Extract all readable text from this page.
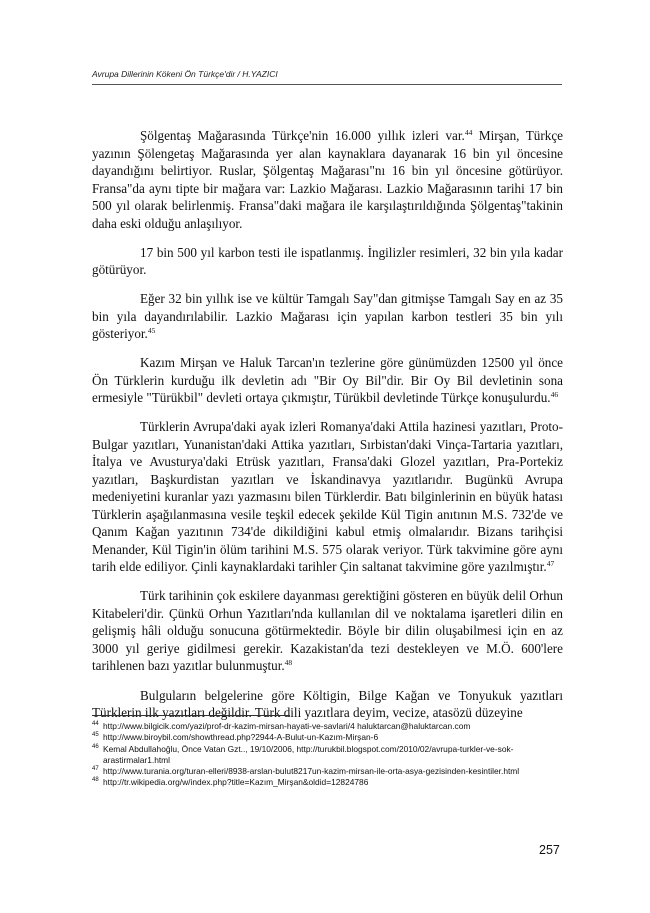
Avrupa Dillerinin Kökeni Ön Türkçe'dir / H.YAZICI

Şölgentaş Mağarasında Türkçe'nin 16.000 yıllık izleri var.$^{44}$ Mirşan, Türkçe yazının Şölengetaş Mağarasında yer alan kaynaklara dayanarak 16 bin yıl öncesine dayandığını belirtiyor. Ruslar, Şölgentaş Mağarası"nı 16 bin yıl öncesine götürüyor. Fransa"da aynı tipte bir mağara var: Lazkio Mağarası. Lazkio Mağarasının tarihi 17 bin 500 yıl olarak belirlenmiş. Fransa"daki mağara ile karşılaştırıldığında Şölgentaş"takinin daha eski olduğu anlaşılıyor.

17 bin 500 yıl karbon testi ile ispatlanmış. İngilizler resimleri, 32 bin yıla kadar götürüyor.

Eğer 32 bin yıllık ise ve kültür Tamgalı Say"dan gitmişse Tamgalı Say en az 35 bin yıla dayandırılabilir. Lazkio Mağarası için yapılan karbon testleri 35 bin yılı gösteriyor.$^{45}$

Kazım Mirşan ve Haluk Tarcan'ın tezlerine göre günümüzden 12500 yıl önce Ön Türklerin kurduğu ilk devletin adı "Bir Oy Bil"dir. Bir Oy Bil devletinin sona ermesiyle "Türükbil" devleti ortaya çıkmıştır, Türükbil devletinde Türkçe konuşulurdu.$^{46}$

Türklerin Avrupa'daki ayak izleri Romanya'daki Attila hazinesi yazıtları, Proto-Bulgar yazıtları, Yunanistan'daki Attika yazıtları, Sırbistan'daki Vinça-Tartaria yazıtları, İtalya ve Avusturya'daki Etrüsk yazıtları, Fransa'daki Glozel yazıtları, Pra-Portekiz yazıtları, Başkurdistan yazıtları ve İskandinavya yazıtlarıdır. Bugünkü Avrupa medeniyetini kuranlar yazı yazmasını bilen Türklerdir. Batı bilginlerinin en büyük hatası Türklerin aşağılanmasına vesile teşkil edecek şekilde Kül Tigin anıtının M.S. 732'de ve Qanım Kağan yazıtının 734'de dikildiğini kabul etmiş olmalarıdır. Bizans tarihçisi Menander, Kül Tigin'in ölüm tarihini M.S. 575 olarak veriyor. Türk takvimine göre aynı tarih elde ediliyor. Çinli kaynaklardaki tarihler Çin saltanat takvimine göre yazılmıştır.$^{47}$

Türk tarihinin çok eskilere dayanması gerektiğini gösteren en büyük delil Orhun Kitabeleri'dir. Çünkü Orhun Yazıtları'nda kullanılan dil ve noktalama işaretleri dilin en gelişmiş hâli olduğu sonucuna götürmektedir. Böyle bir dilin oluşabilmesi için en az 3000 yıl geriye gidilmesi gerekir. Kazakistan'da tezi destekleyen ve M.Ö. 600'lere tarihlenen bazı yazıtlar bulunmuştur.$^{48}$

Bulguların belgelerine göre Költigin, Bilge Kağan ve Tonyukuk yazıtları Türklerin ilk yazıtları değildir. Türk dili yazıtlara deyim, vecize, atasözü düzeyine

44 http://www.bilgicik.com/yazi/prof-dr-kazim-mirsan-hayati-ve-savlari/4 haluktarcan@haluktarcan.com

45 http://www.biroybil.com/showthread.php?2944-A-Bulut-un-Kazım-Mirşan-6

46 Kemal Abdullahoğlu, Önce Vatan Gzt.., 19/10/2006, http://turukbil.blogspot.com/2010/02/avrupa-turkler-ve-sok-arastirmalar1.html

47 http://www.turania.org/turan-elleri/8938-arslan-bulut8217un-kazim-mirsan-ile-orta-asya-gezisinden-kesintiler.html

48 http://tr.wikipedia.org/w/index.php?title=Kazım_Mirşan&oldid=12824786

257
